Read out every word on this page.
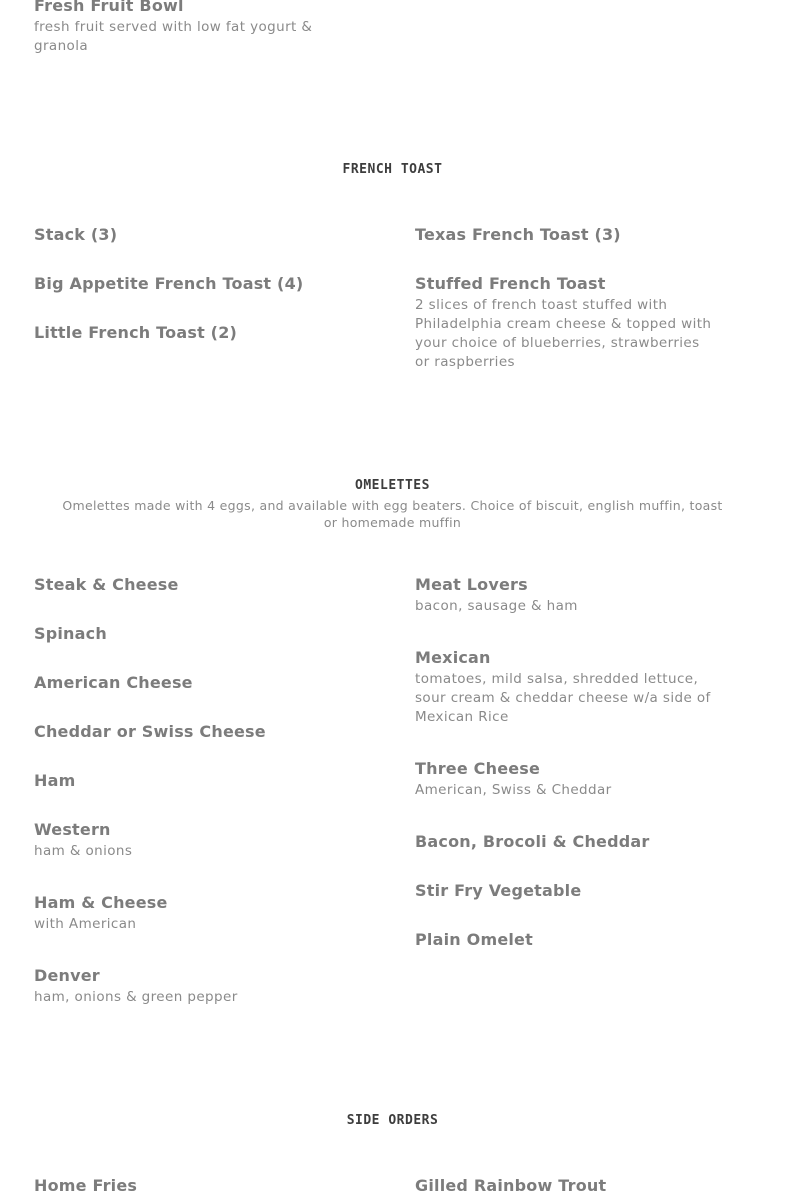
Fresh Fruit Bowl
fresh fruit served with low fat yogurt & granola
FRENCH TOAST
Stack (3)
Big Appetite French Toast (4)
Little French Toast (2)
Texas French Toast (3)
Stuffed French Toast
2 slices of french toast stuffed with Philadelphia cream cheese & topped with your choice of blueberries, strawberries or raspberries
OMELETTES
Omelettes made with 4 eggs, and available with egg beaters. Choice of biscuit, english muffin, toast or homemade muffin
Steak & Cheese
Spinach
American Cheese
Cheddar or Swiss Cheese
Ham
Western
ham & onions
Ham & Cheese
with American
Denver
ham, onions & green pepper
Meat Lovers
bacon, sausage & ham
Mexican
tomatoes, mild salsa, shredded lettuce, sour cream & cheddar cheese w/a side of Mexican Rice
Three Cheese
American, Swiss & Cheddar
Bacon, Brocoli & Cheddar
Stir Fry Vegetable
Plain Omelet
SIDE ORDERS
Home Fries	Gilled Rainbow Trout
